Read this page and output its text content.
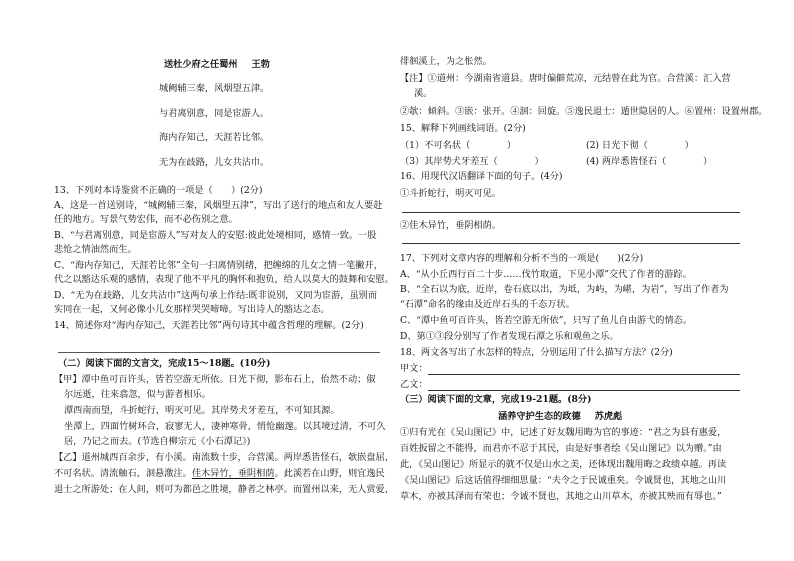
送杜少府之任蜀州 王勃
城阙辅三秦，风烟望五津。
与君离别意，同是宦游人。
海内存知己，天涯若比邻。
无为在歧路，儿女共沾巾。
13、下列对本诗鉴赏不正确的一项是（　　）(2分)
A、这是一首送别诗，“城阙辅三秦，风烟望五津”，写出了送行的地点和友人要赴
任的地方。写景气势宏伟，而不必伤别之意。
B、“与君离别意，同是宦游人”写对友人的安慰:彼此处境相同，感情一致。一股
悲怆之情油然而生。
C、“海内存知己，天涯若比邻”全句一扫离情别绪，把缠绵的儿女之情一笔撇开，
代之以豁达乐观的感情，表现了他不平凡的胸怀和抱负，给人以莫大的鼓舞和安慰。
D、“无为在歧路，儿女共沾巾”这两句承上作结:既非说别，又同为宦游，虽别而
实同在一起，又何必像小儿女那样哭哭啼啼。写出诗人的豁达之态。
14、简述你对“海内存知己，天涯若比邻”两句诗其中蕴含哲理的理解。(2分)
（二）阅读下面的文言文，完成15～18题。(10分)
【甲】潭中鱼可百许头，皆若空游无所依。日光下彻，影布石上，佁然不动；俶
尔远逝，往来翕忽，似与游者相乐。
潭西南而望，斗折蛇行，明灭可见。其岸势犬牙差互，不可知其源。
坐潭上，四面竹树环合，寂寥无人，凄神寒骨，悄怆幽邃。以其境过清，不可久
居，乃记之而去。(节选自柳宗元《小石潭记》)
【乙】道州城西百余步，有小溪。南流数十步，合营溪。两岸悉皆怪石，欹嵌盘屈，
不可名状。清流触石，洄悬激注。佳木异竹，垂阴相荫。此溪若在山野，则宜逸民
退士之所游处；在人间，则可为都邑之胜境，静者之林亭。而置州以来，无人赏爱，
徘徊溪上，为之怅然。
【注】①道州：今湖南省道县。唐时偏僻荒凉，元结曾在此为官。合营溪：汇入营
溪。
②欹：倾斜。③嵌：张开。④洄：回旋。⑤逸民退士：遁世隐居的人。⑥置州：设置州郡。
15、解释下列画线词语。(2分)
（1）不可名状（　　　　）	(2) 日光下彻（　　　　）
（3）其岸势犬牙差互（　　　　）	(4) 两岸悉皆怪石（　　　　）
16、用现代汉语翻译下面的句子。(4分)
①斗折蛇行，明灭可见。
②佳木异竹，垂阴相荫。
17、下列对文章内容的理解和分析不当的一项是(　　)(2分)
A、“从小丘西行百二十步……伐竹取道，下见小潭”交代了作者的游踪。
B、“全石以为底，近岸，卷石底以出，为坻，为屿，为嵁，为岩”，写出了作者为
“石潭”命名的缘由及近岸石头的千态万状。
C、“潭中鱼可百许头，皆若空游无所依”，只写了鱼儿自由游弋的情态。
D、第①③段分别写了作者发现石潭之乐和观鱼之乐。
18、两文各写出了水怎样的特点，分别运用了什么描写方法？(2分)
甲文：
乙文：
（三）阅读下面的文章，完成19-21题。(8分)
涵养守护生态的政德 苏虎彪
①归有光在《吴山图记》中，记述了好友魏用晦为官的事迹：“君之为县有惠爱，
百姓扳留之不能得，而君亦不忍于其民，由是好事者绘《吴山图记》以为赠。”由
此，《吴山图记》所显示的就不仅是山水之美，还体现出魏用晦之政绩卓越。再读
《吴山图记》后这话值得细细思量：“夫令之于民诚重矣。令诚贤也，其地之山川
草木，亦被其泽而有荣也；令诚不贤也，其地之山川草木，亦被其殃而有辱也。”
